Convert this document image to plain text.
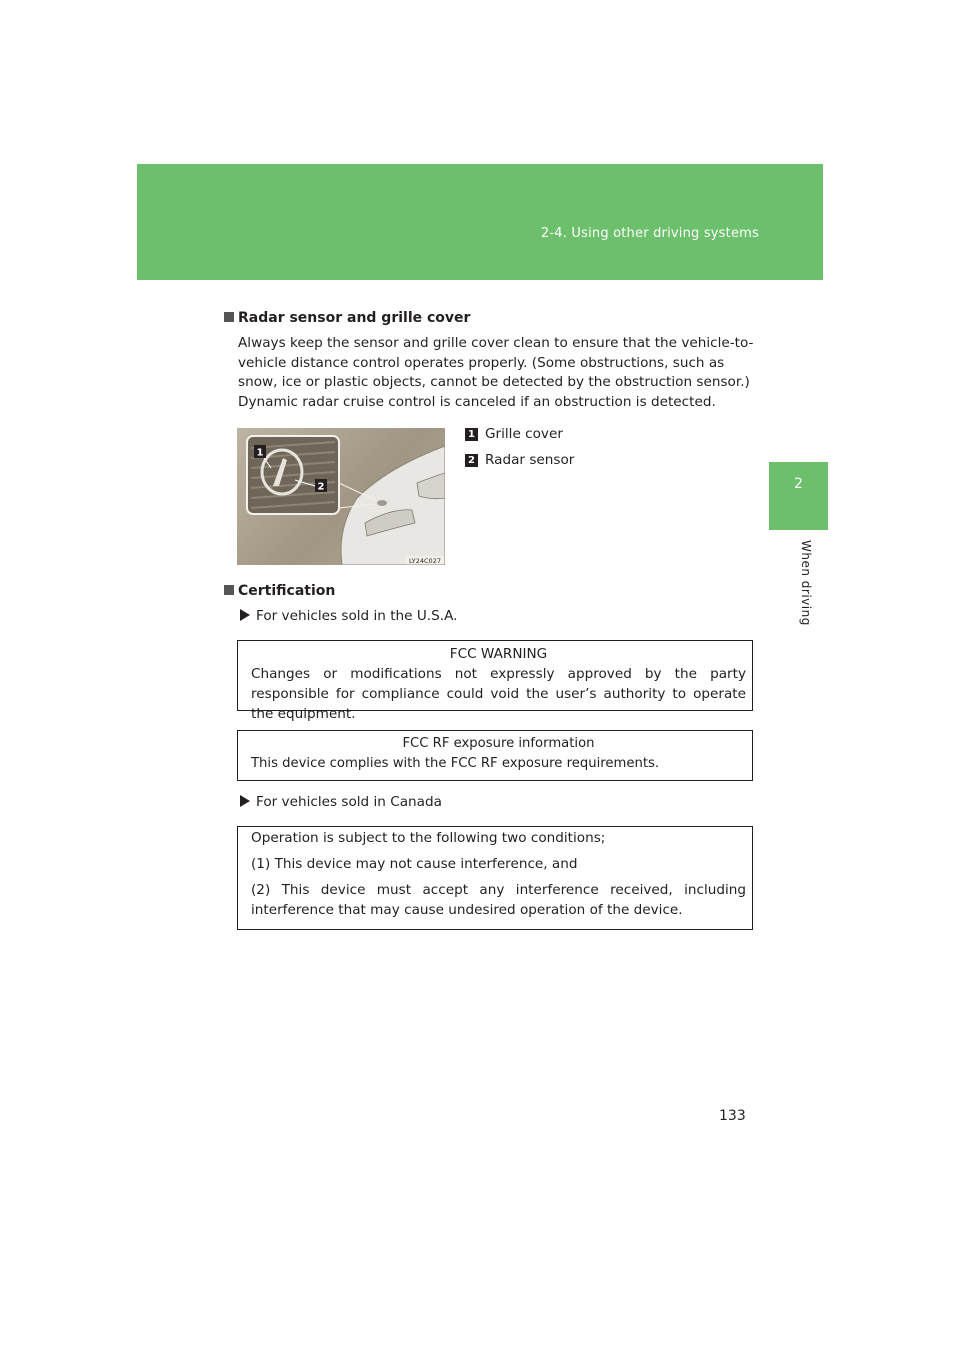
2-4. Using other driving systems
2
When driving
Radar sensor and grille cover
Always keep the sensor and grille cover clean to ensure that the vehicle-to-vehicle distance control operates properly. (Some obstructions, such as snow, ice or plastic objects, cannot be detected by the obstruction sensor.)
Dynamic radar cruise control is canceled if an obstruction is detected.
1
2
LY24C027
1 Grille cover
2 Radar sensor
Certification
For vehicles sold in the U.S.A.

FCC WARNING

Changes or modifications not expressly approved by the party responsible for compliance could void the user’s authority to operate the equipment.

FCC RF exposure information

This device complies with the FCC RF exposure requirements.

For vehicles sold in Canada

Operation is subject to the following two conditions;

(1) This device may not cause interference, and

(2) This device must accept any interference received, including interference that may cause undesired operation of the device.

133
